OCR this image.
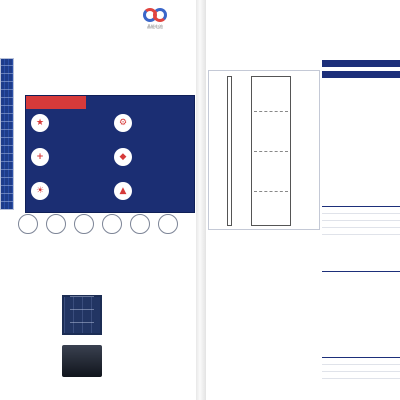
晶能电池
★	⚙
+	◆
☀	▲
